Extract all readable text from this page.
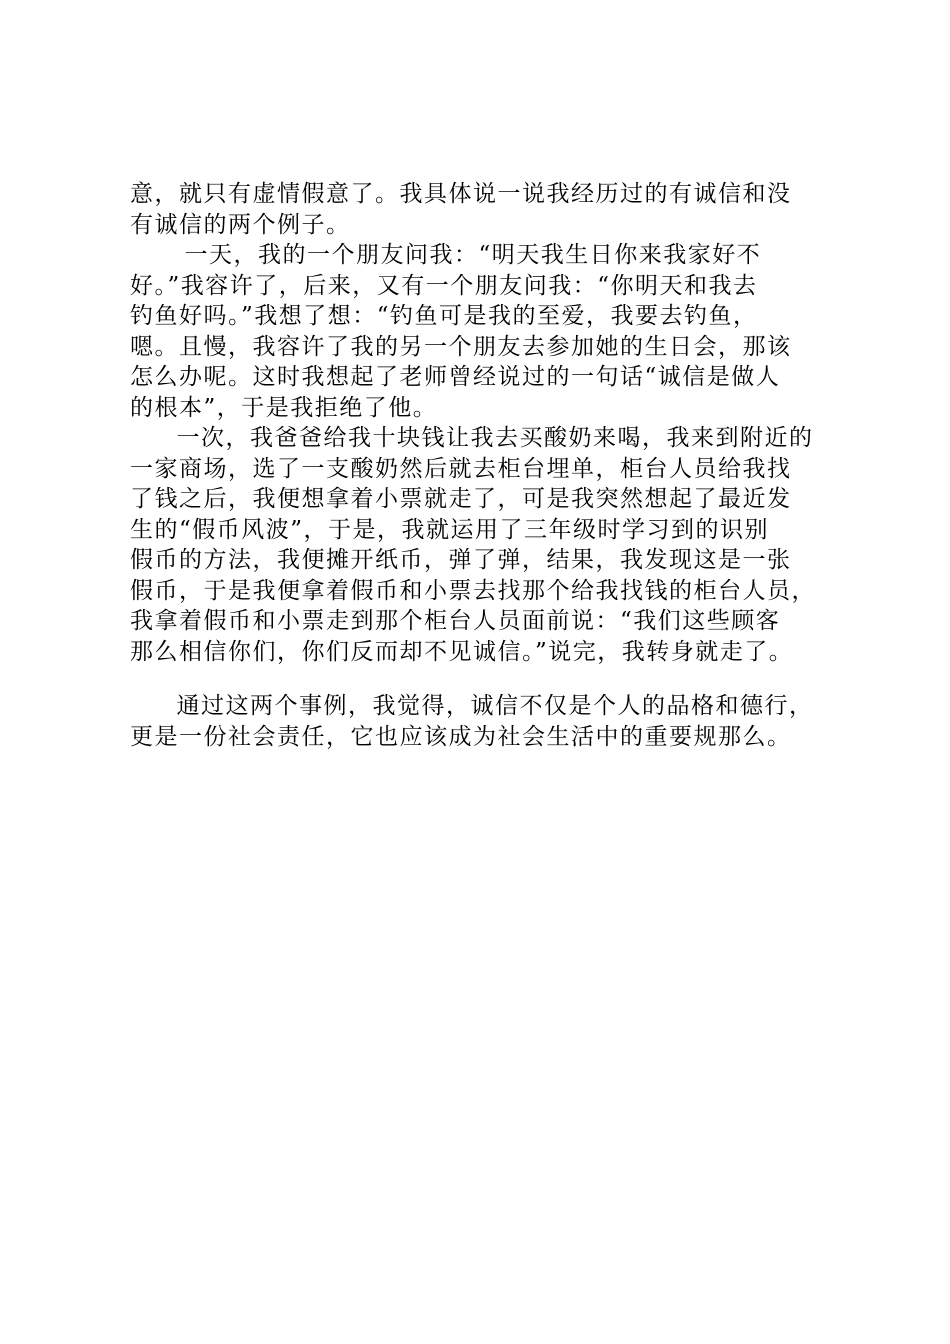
意，就只有虚情假意了。我具体说一说我经历过的有诚信和没
有诚信的两个例子。
　一天，我的一个朋友问我：“明天我生日你来我家好不
好。”我容许了，后来，又有一个朋友问我：“你明天和我去
钓鱼好吗。”我想了想：“钓鱼可是我的至爱，我要去钓鱼，
嗯。且慢，我容许了我的另一个朋友去参加她的生日会，那该
怎么办呢。这时我想起了老师曾经说过的一句话“诚信是做人
的根本”，于是我拒绝了他。
　一次，我爸爸给我十块钱让我去买酸奶来喝，我来到附近的
一家商场，选了一支酸奶然后就去柜台埋单，柜台人员给我找
了钱之后，我便想拿着小票就走了，可是我突然想起了最近发
生的“假币风波”，于是，我就运用了三年级时学习到的识别
假币的方法，我便摊开纸币，弹了弹，结果，我发现这是一张
假币，于是我便拿着假币和小票去找那个给我找钱的柜台人员，
我拿着假币和小票走到那个柜台人员面前说：“我们这些顾客
那么相信你们，你们反而却不见诚信。”说完，我转身就走了。
　通过这两个事例，我觉得，诚信不仅是个人的品格和德行，
更是一份社会责任，它也应该成为社会生活中的重要规那么。
